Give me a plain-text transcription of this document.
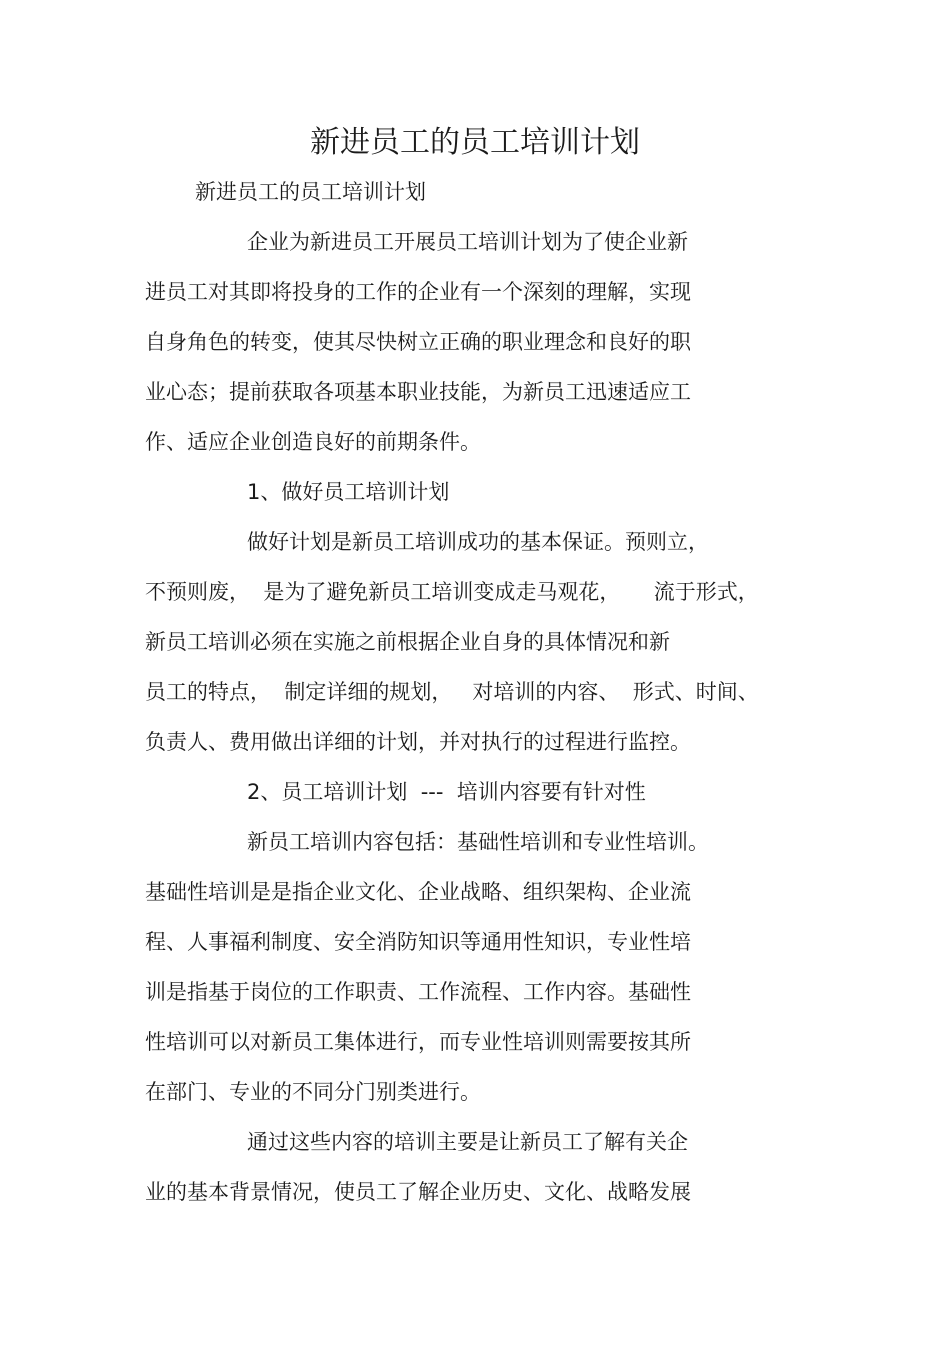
新进员工的员工培训计划
新进员工的员工培训计划
企业为新进员工开展员工培训计划为了使企业新
进员工对其即将投身的工作的企业有一个深刻的理解，实现
自身角色的转变，使其尽快树立正确的职业理念和良好的职
业心态；提前获取各项基本职业技能，为新员工迅速适应工
作、适应企业创造良好的前期条件。
1、做好员工培训计划
做好计划是新员工培训成功的基本保证。预则立，
不预则废，  是为了避免新员工培训变成走马观花，     流于形式，
新员工培训必须在实施之前根据企业自身的具体情况和新
员工的特点，  制定详细的规划，   对培训的内容、  形式、时间、
负责人、费用做出详细的计划，并对执行的过程进行监控。
2、员工培训计划  ---  培训内容要有针对性
新员工培训内容包括：基础性培训和专业性培训。
基础性培训是是指企业文化、企业战略、组织架构、企业流
程、人事福利制度、安全消防知识等通用性知识，专业性培
训是指基于岗位的工作职责、工作流程、工作内容。基础性
性培训可以对新员工集体进行，而专业性培训则需要按其所
在部门、专业的不同分门别类进行。
通过这些内容的培训主要是让新员工了解有关企
业的基本背景情况，使员工了解企业历史、文化、战略发展
